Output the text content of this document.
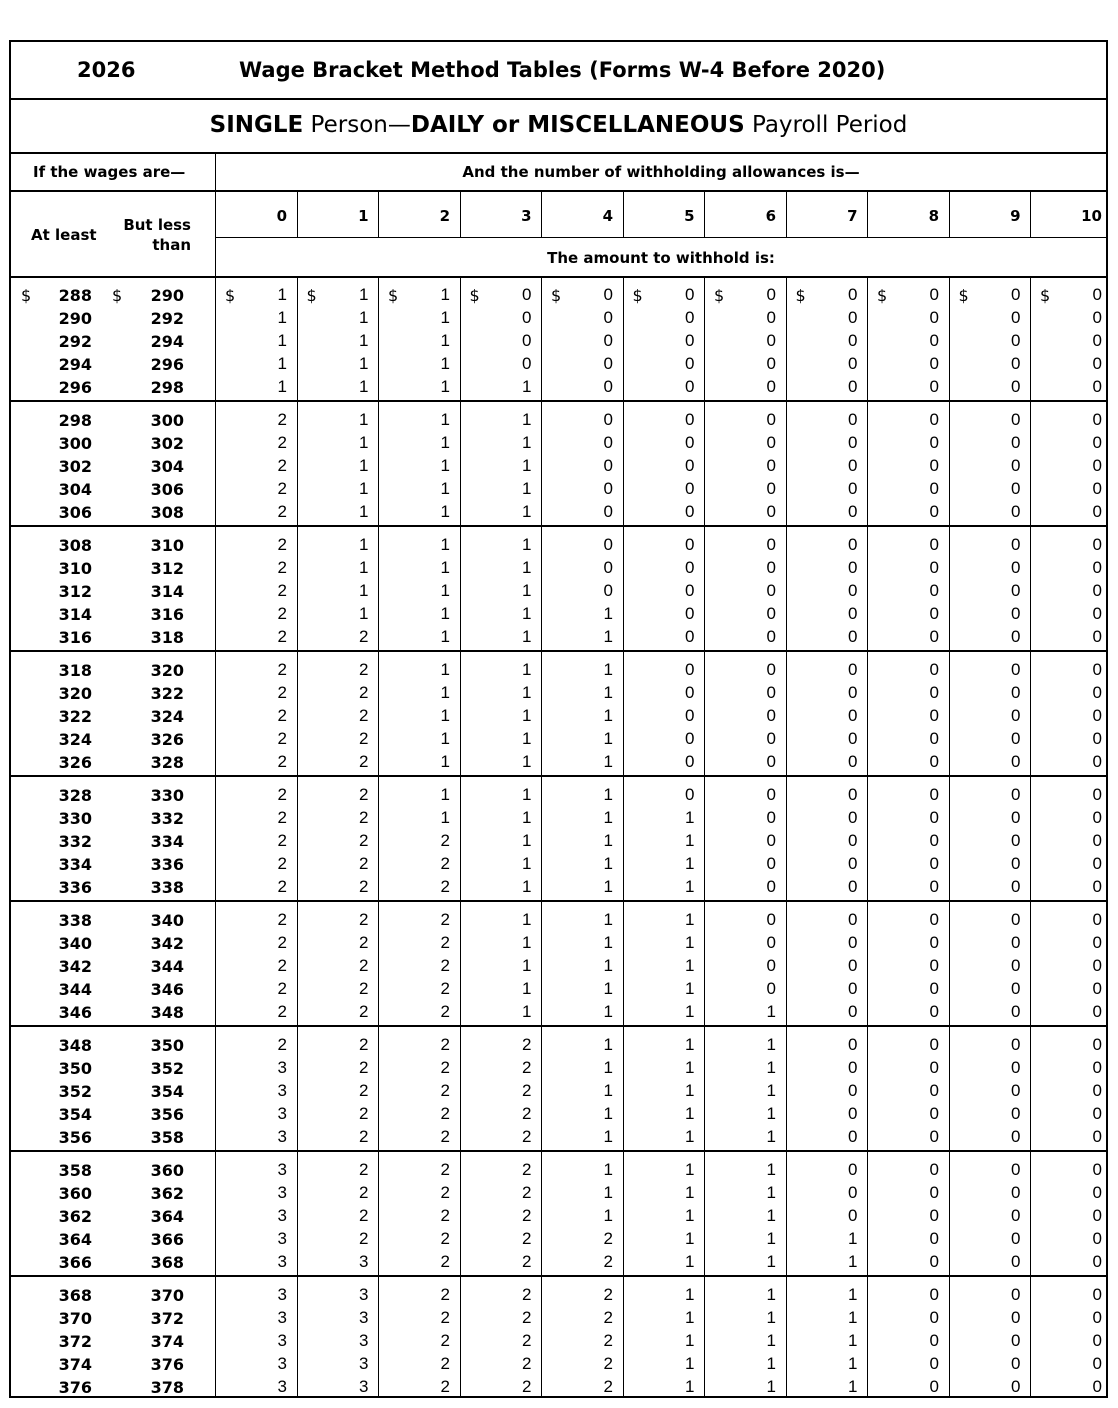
2026	Wage Bracket Method Tables (Forms W-4 Before 2020)
SINGLE Person—DAILY or MISCELLANEOUS Payroll Period
If the wages are—	And the number of withholding allowances is—
At least
But less than
The amount to withhold is:
0	1	2	3	4	5	6	7	8	9	10
$	$	$	$	$	$	$	$	$	$	$	$	$
288	290	1	1	1	0	0	0	0	0	0	0	0
290	292	1	1	1	0	0	0	0	0	0	0	0
292	294	1	1	1	0	0	0	0	0	0	0	0
294	296	1	1	1	0	0	0	0	0	0	0	0
296	298	1	1	1	1	0	0	0	0	0	0	0
298	300	2	1	1	1	0	0	0	0	0	0	0
300	302	2	1	1	1	0	0	0	0	0	0	0
302	304	2	1	1	1	0	0	0	0	0	0	0
304	306	2	1	1	1	0	0	0	0	0	0	0
306	308	2	1	1	1	0	0	0	0	0	0	0
308	310	2	1	1	1	0	0	0	0	0	0	0
310	312	2	1	1	1	0	0	0	0	0	0	0
312	314	2	1	1	1	0	0	0	0	0	0	0
314	316	2	1	1	1	1	0	0	0	0	0	0
316	318	2	2	1	1	1	0	0	0	0	0	0
318	320	2	2	1	1	1	0	0	0	0	0	0
320	322	2	2	1	1	1	0	0	0	0	0	0
322	324	2	2	1	1	1	0	0	0	0	0	0
324	326	2	2	1	1	1	0	0	0	0	0	0
326	328	2	2	1	1	1	0	0	0	0	0	0
328	330	2	2	1	1	1	0	0	0	0	0	0
330	332	2	2	1	1	1	1	0	0	0	0	0
332	334	2	2	2	1	1	1	0	0	0	0	0
334	336	2	2	2	1	1	1	0	0	0	0	0
336	338	2	2	2	1	1	1	0	0	0	0	0
338	340	2	2	2	1	1	1	0	0	0	0	0
340	342	2	2	2	1	1	1	0	0	0	0	0
342	344	2	2	2	1	1	1	0	0	0	0	0
344	346	2	2	2	1	1	1	0	0	0	0	0
346	348	2	2	2	1	1	1	1	0	0	0	0
348	350	2	2	2	2	1	1	1	0	0	0	0
350	352	3	2	2	2	1	1	1	0	0	0	0
352	354	3	2	2	2	1	1	1	0	0	0	0
354	356	3	2	2	2	1	1	1	0	0	0	0
356	358	3	2	2	2	1	1	1	0	0	0	0
358	360	3	2	2	2	1	1	1	0	0	0	0
360	362	3	2	2	2	1	1	1	0	0	0	0
362	364	3	2	2	2	1	1	1	0	0	0	0
364	366	3	2	2	2	2	1	1	1	0	0	0
366	368	3	3	2	2	2	1	1	1	0	0	0
368	370	3	3	2	2	2	1	1	1	0	0	0
370	372	3	3	2	2	2	1	1	1	0	0	0
372	374	3	3	2	2	2	1	1	1	0	0	0
374	376	3	3	2	2	2	1	1	1	0	0	0
376	378	3	3	2	2	2	1	1	1	0	0	0
